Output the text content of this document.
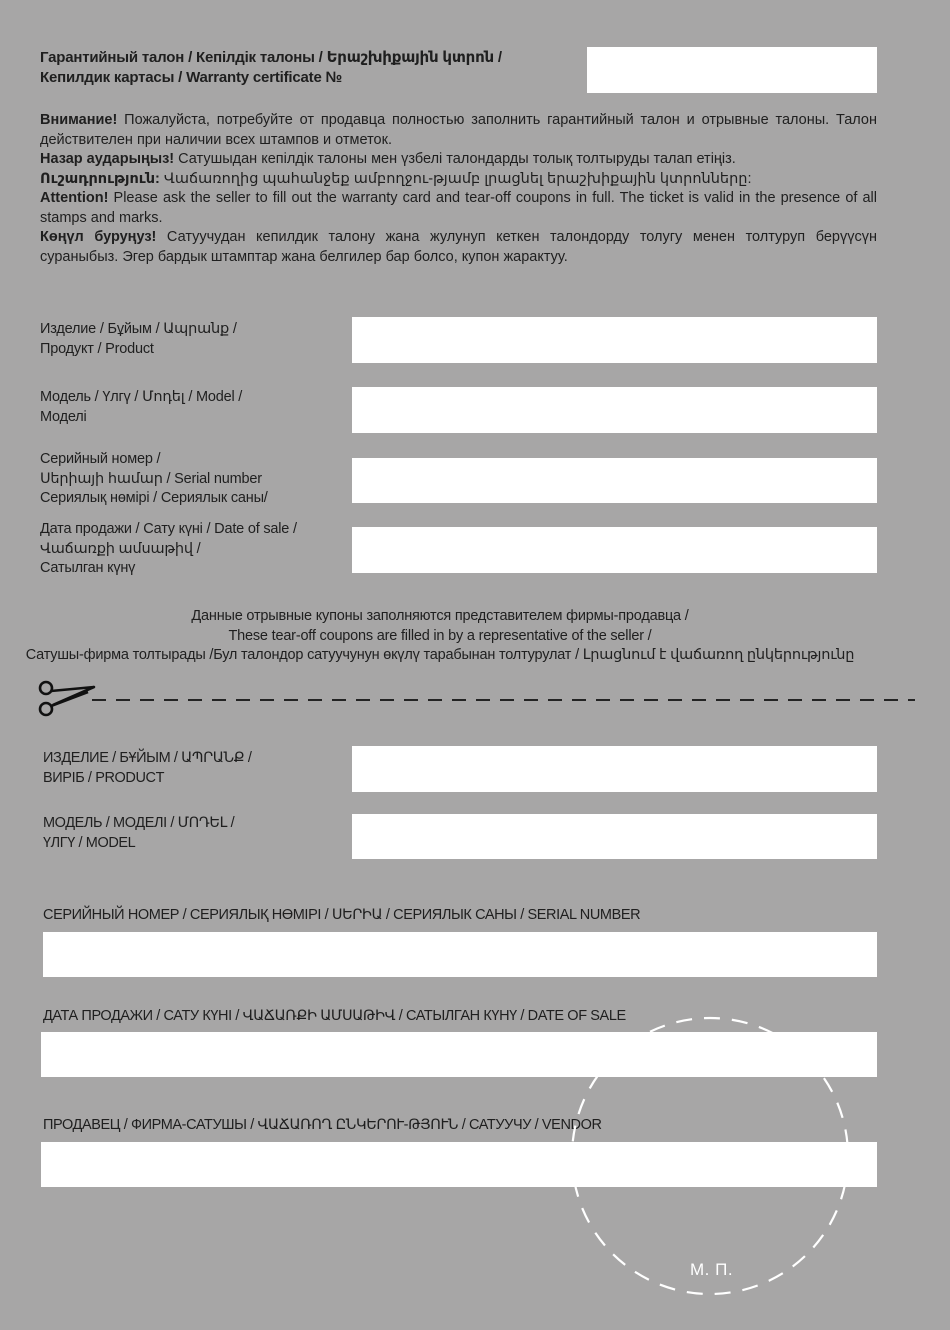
Гарантийный талон / Кепілдік талоны / Երաշխիքային կտրոն /
Кепилдик картасы / Warranty certificate №

Внимание! Пожалуйста, потребуйте от продавца полностью заполнить гарантийный талон и отрывные талоны. Талон действителен при наличии всех штампов и отметок.

Назар аударыңыз! Сатушыдан кепілдік талоны мен үзбелі талондарды толық толтыруды талап етіңіз.

Ուշադրություն: Վաճառողից պահանջեք ամբողջու-թյամբ լրացնել երաշխիքային կտրոնները:

Attention! Please ask the seller to fill out the warranty card and tear-off coupons in full. The ticket is valid in the presence of all stamps and marks.

Көңүл буруңуз! Сатуучудан кепилдик талону жана жулунуп кеткен талондорду толугу менен толтуруп берүүсүн сураныбыз. Эгер бардык штамптар жана белгилер бар болсо, купон жарактуу.

Изделие / Бұйым / Ապրանք /
Продукт / Product
Модель / Үлгү / Մոդել / Model /
Моделі
Серийный номер /
Սերիայի համար / Serial number
Сериялық нөмірі / Сериялык саны/
Дата продажи / Сату күні / Date of sale /
Վաճառքի ամսաթիվ /
Сатылган күнү
Данные отрывные купоны заполняются представителем фирмы-продавца /
These tear-off coupons are filled in by a representative of the seller /
Сатушы-фирма толтырады /Бул талондор сатуучунун өкүлү тарабынан толтурулат / Լրացնում է վաճառող ընկերությունը
ИЗДЕЛИЕ / БҰЙЫМ / ԱՊՐԱՆՔ /
ВИРІБ / PRODUCT
МОДЕЛЬ / МОДЕЛІ / ՄՈԴԵԼ /
ҮЛГҮ / MODEL
СЕРИЙНЫЙ НОМЕР / СЕРИЯЛЫҚ НӨМІРІ / ՍԵՐԻԱ / СЕРИЯЛЫК САНЫ / SERIAL NUMBER
ДАТА ПРОДАЖИ / САТУ КҮНІ / ՎԱՃԱՌՔԻ ԱՄՍԱԹԻՎ / САТЫЛГАН КҮНҮ / DATE OF SALE
ПРОДАВЕЦ / ФИРМА-САТУШЫ / ՎԱՃԱՌՈՂ ԸՆԿԵՐՈՒ-ԹՅՈՒՆ / САТУУЧУ / VENDOR
М. П.
